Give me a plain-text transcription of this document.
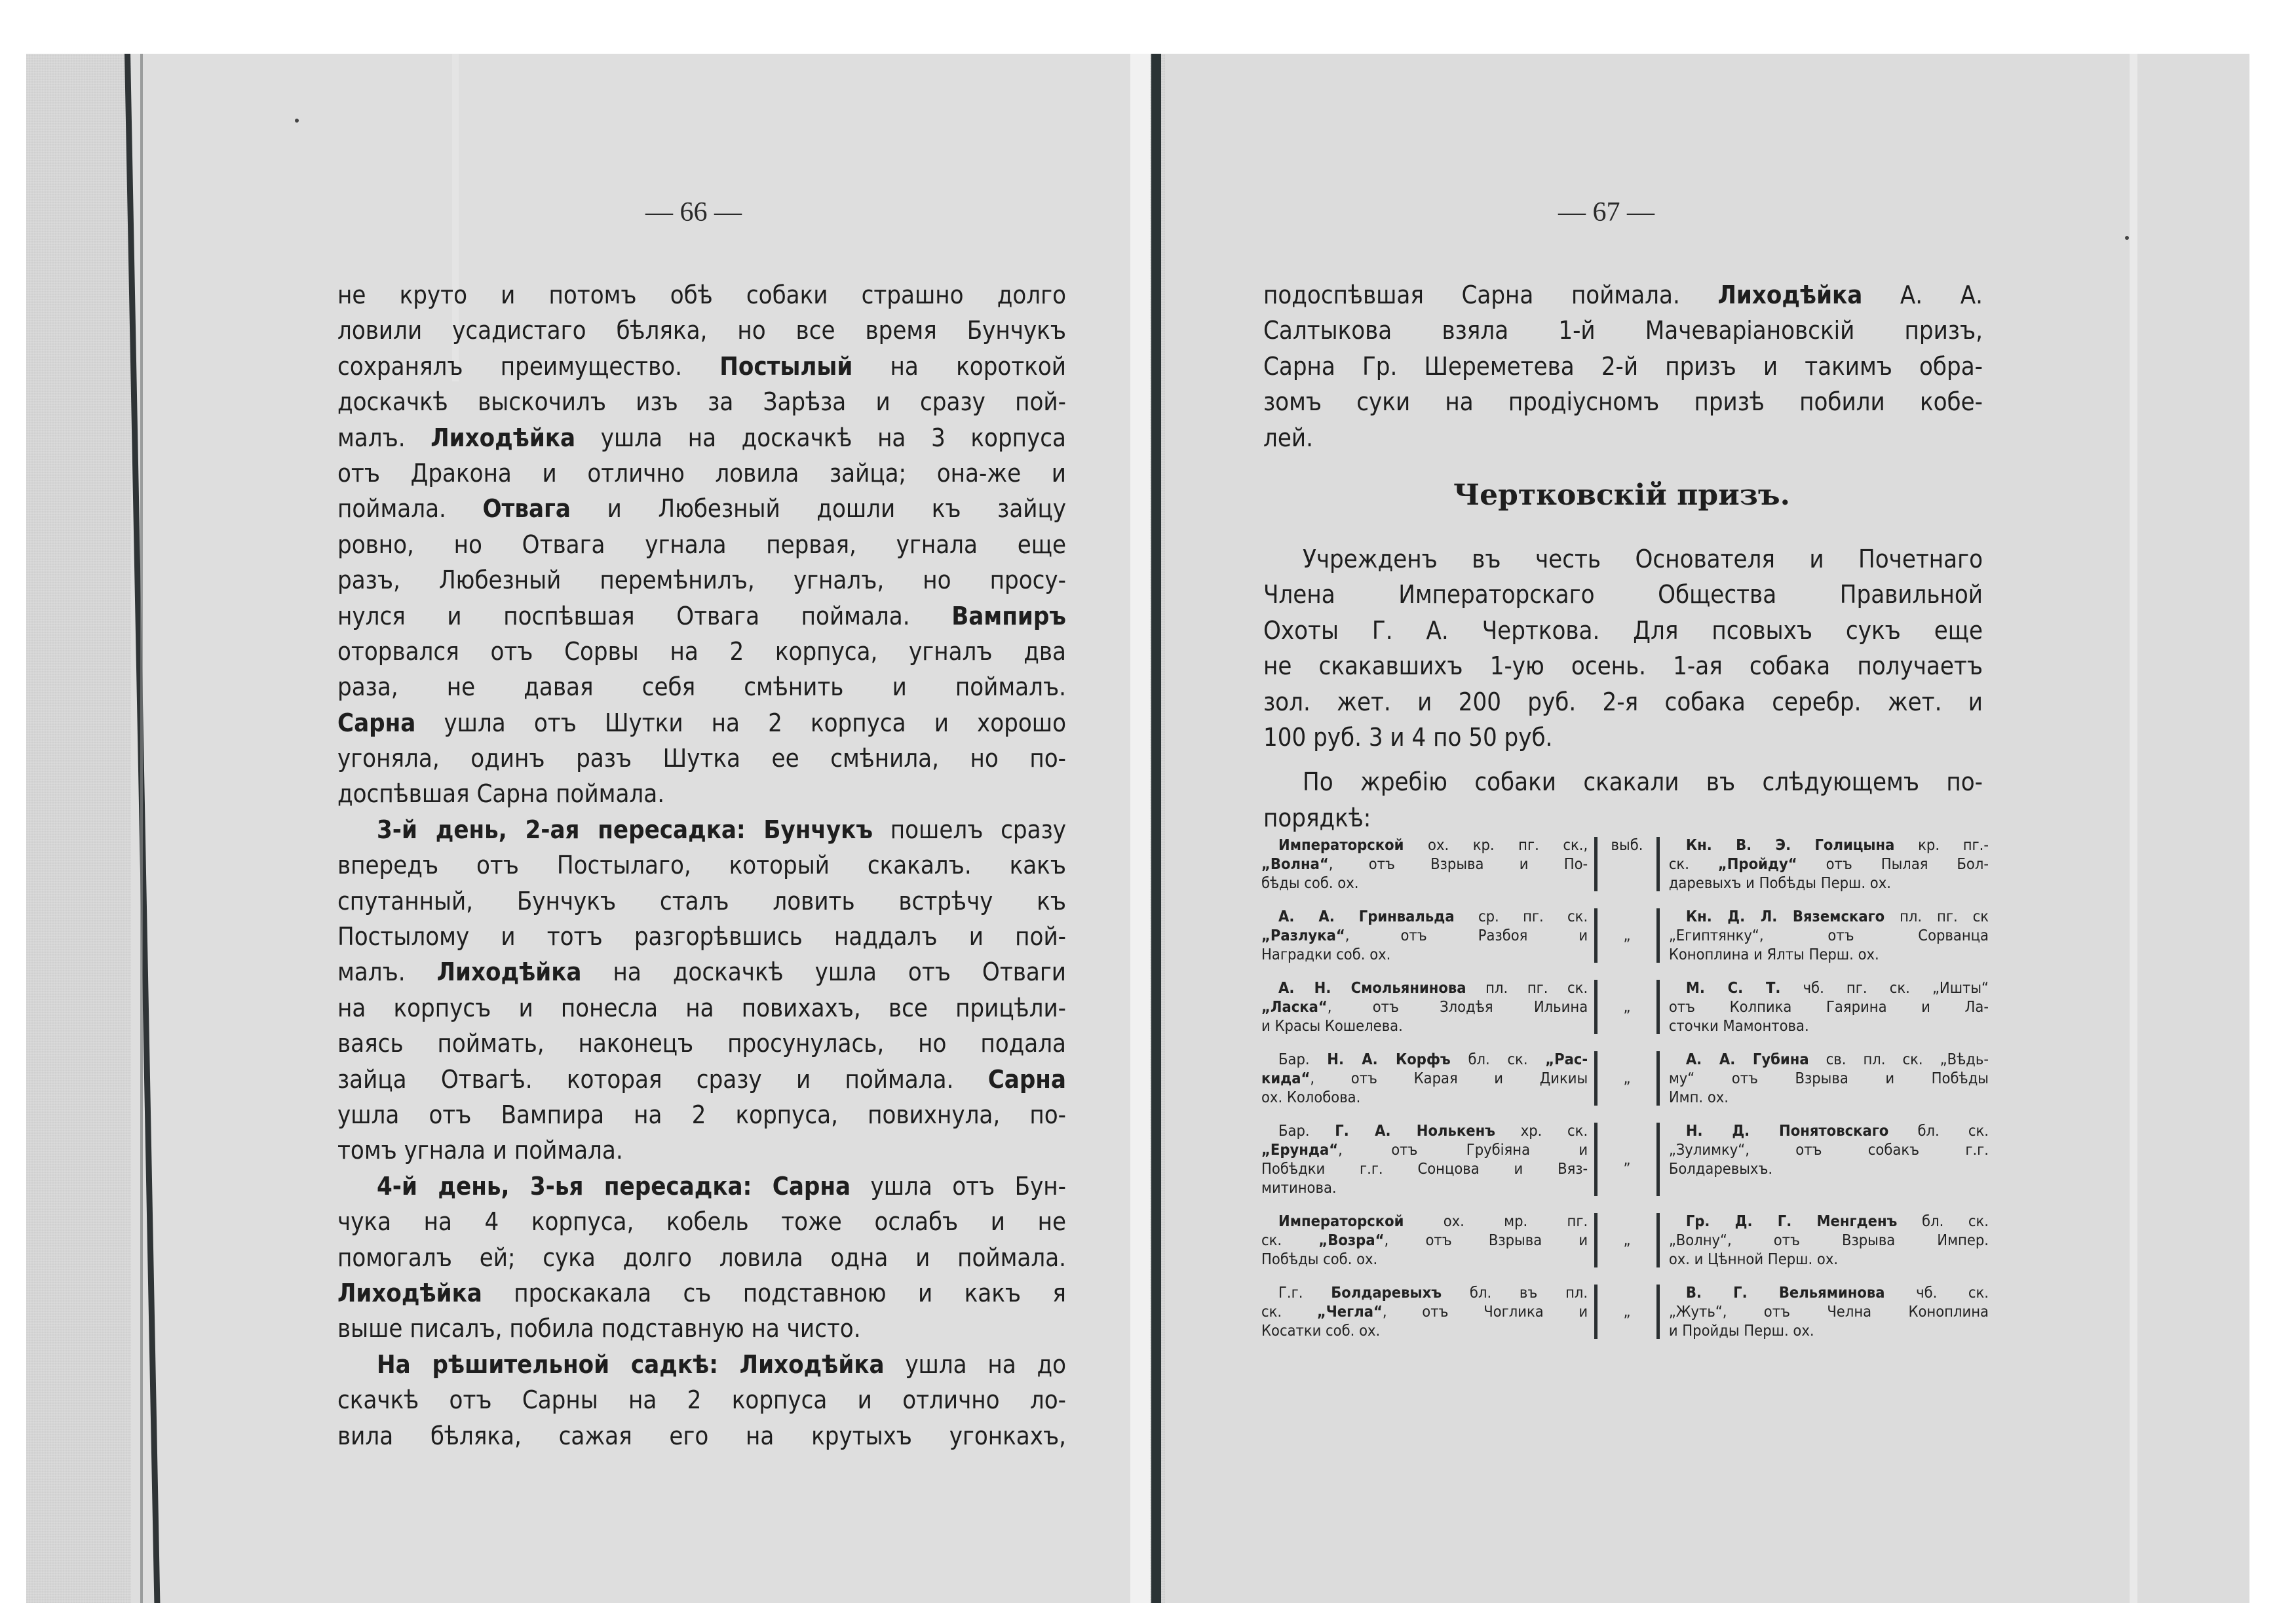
— 66 —
не круто и потомъ обѣ собаки страшно долго
ловили усадистаго бѣляка, но все время Бунчукъ
сохранялъ преимущество. Постылый на короткой
доскачкѣ выскочилъ изъ за Зарѣза и сразу пой-
малъ. Лиходѣйка ушла на доскачкѣ на 3 корпуса
отъ Дракона и отлично ловила зайца; она-же и
поймала. Отвага и Любезный дошли къ зайцу
ровно, но Отвага угнала первая, угнала еще
разъ, Любезный перемѣнилъ, угналъ, но просу-
нулся и поспѣвшая Отвага поймала. Вампиръ
оторвался отъ Сорвы на 2 корпуса, угналъ два
раза, не давая себя смѣнить и поймалъ.
Сарна ушла отъ Шутки на 2 корпуса и хорошо
угоняла, одинъ разъ Шутка ее смѣнила, но по-
доспѣвшая Сарна поймала.
3-й день, 2-ая пересадка: Бунчукъ пошелъ сразу
впередъ отъ Постылаго, который скакалъ. какъ
спутанный, Бунчукъ сталъ ловить встрѣчу къ
Постылому и тотъ разгорѣвшись наддалъ и пой-
малъ. Лиходѣйка на доскачкѣ ушла отъ Отваги
на корпусъ и понесла на повихахъ, все прицѣли-
ваясь поймать, наконецъ просунулась, но подала
зайца Отвагѣ. которая сразу и поймала. Сарна
ушла отъ Вампира на 2 корпуса, повихнула, по-
томъ угнала и поймала.
4-й день, 3-ья пересадка: Сарна ушла отъ Бун-
чука на 4 корпуса, кобель тоже ослабъ и не
помогалъ ей; сука долго ловила одна и поймала.
Лиходѣйка проскакала съ подставною и какъ я
выше писалъ, побила подставную на чисто.
На рѣшительной садкѣ: Лиходѣйка ушла на до
скачкѣ отъ Сарны на 2 корпуса и отлично ло-
вила бѣляка, сажая его на крутыхъ угонкахъ,
— 67 —
подоспѣвшая Сарна поймала. Лиходѣйка А. А.
Салтыкова взяла 1-й Мачеваріановскій призъ,
Сарна Гр. Шереметева 2-й призъ и такимъ обра-
зомъ суки на продіусномъ призѣ побили кобе-
лей.
Чертковскій призъ.
Учрежденъ въ честь Основателя и Почетнаго
Члена Императорскаго Общества Правильной
Охоты Г. А. Черткова. Для псовыхъ сукъ еще
не скакавшихъ 1-ую осень. 1-ая собака получаетъ
зол. жет. и 200 руб. 2-я собака серебр. жет. и
100 руб. 3 и 4 по 50 руб.
По жребію собаки скакали въ слѣдующемъ по-
порядкѣ:
Императорской ох. кр. пг. ск.,
„Волна“, отъ Взрыва и По-
бѣды соб. ох.
выб.	Кн. В. Э. Голицына кр. пг.-
ск. „Пройду“ отъ Пылая Бол-
даревыхъ и Побѣды Перш. ох.
А. А. Гринвальда ср. пг. ск.
„Разлука“, отъ Разбоя и
Наградки соб. ох.
„
Кн. Д. Л. Вяземскаго пл. пг. ск
„Египтянку“, отъ Сорванца
Коноплина и Ялты Перш. ох.
А. Н. Смольянинова пл. пг. ск.
„Ласка“, отъ Злодѣя Ильина
и Красы Кошелева.
„
М. С. Т. чб. пг. ск. „Ишты“
отъ Колпика Гаярина и Ла-
сточки Мамонтова.
Бар. Н. А. Корфъ бл. ск. „Рас-
кида“, отъ Карая и Дикиы
ох. Колобова.
„
А. А. Губина св. пл. ск. „Вѣдь-
му“ отъ Взрыва и Побѣды
Имп. ох.
Бар. Г. А. Нолькенъ хр. ск.
„Ерунда“, отъ Грубіяна и
Побѣдки г.г. Сонцова и Вяз-
митинова.
„
Н. Д. Понятовскаго бл. ск.
„Зулимку“, отъ собакъ г.г.
Болдаревыхъ.
Императорской ох. мр. пг.
ск. „Возра“, отъ Взрыва и
Побѣды соб. ох.
„
Гр. Д. Г. Менгденъ бл. ск.
„Волну“, отъ Взрыва Импер.
ох. и Цѣнной Перш. ох.
Г.г. Болдаревыхъ бл. въ пл.
ск. „Чегла“, отъ Чоглика и
Косатки соб. ох.
„
В. Г. Вельяминова чб. ск.
„Жуть“, отъ Челна Коноплина
и Пройды Перш. ох.
